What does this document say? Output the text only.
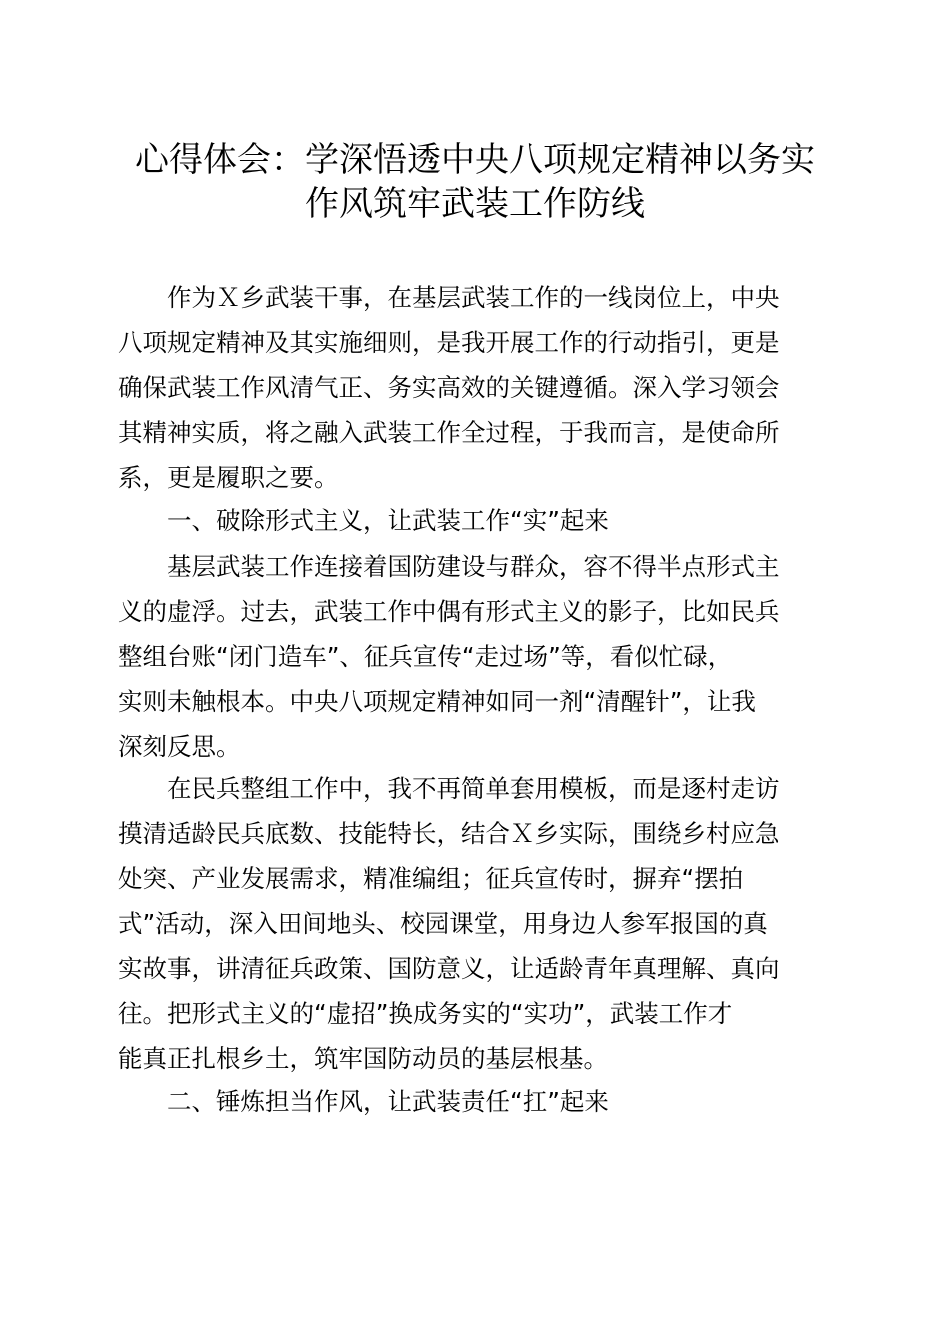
心得体会：学深悟透中央八项规定精神以务实
作风筑牢武装工作防线

作为Ｘ乡武装干事，在基层武装工作的一线岗位上，中央

八项规定精神及其实施细则，是我开展工作的行动指引，更是

确保武装工作风清气正、务实高效的关键遵循。深入学习领会

其精神实质，将之融入武装工作全过程，于我而言，是使命所

系，更是履职之要。

一、破除形式主义，让武装工作“实”起来

基层武装工作连接着国防建设与群众，容不得半点形式主

义的虚浮。过去，武装工作中偶有形式主义的影子，比如民兵

整组台账“闭门造车”、征兵宣传“走过场”等，看似忙碌，

实则未触根本。中央八项规定精神如同一剂“清醒针”，让我

深刻反思。

在民兵整组工作中，我不再简单套用模板，而是逐村走访

摸清适龄民兵底数、技能特长，结合Ｘ乡实际，围绕乡村应急

处突、产业发展需求，精准编组；征兵宣传时，摒弃“摆拍

式”活动，深入田间地头、校园课堂，用身边人参军报国的真

实故事，讲清征兵政策、国防意义，让适龄青年真理解、真向

往。把形式主义的“虚招”换成务实的“实功”，武装工作才

能真正扎根乡土，筑牢国防动员的基层根基。

二、锤炼担当作风，让武装责任“扛”起来
